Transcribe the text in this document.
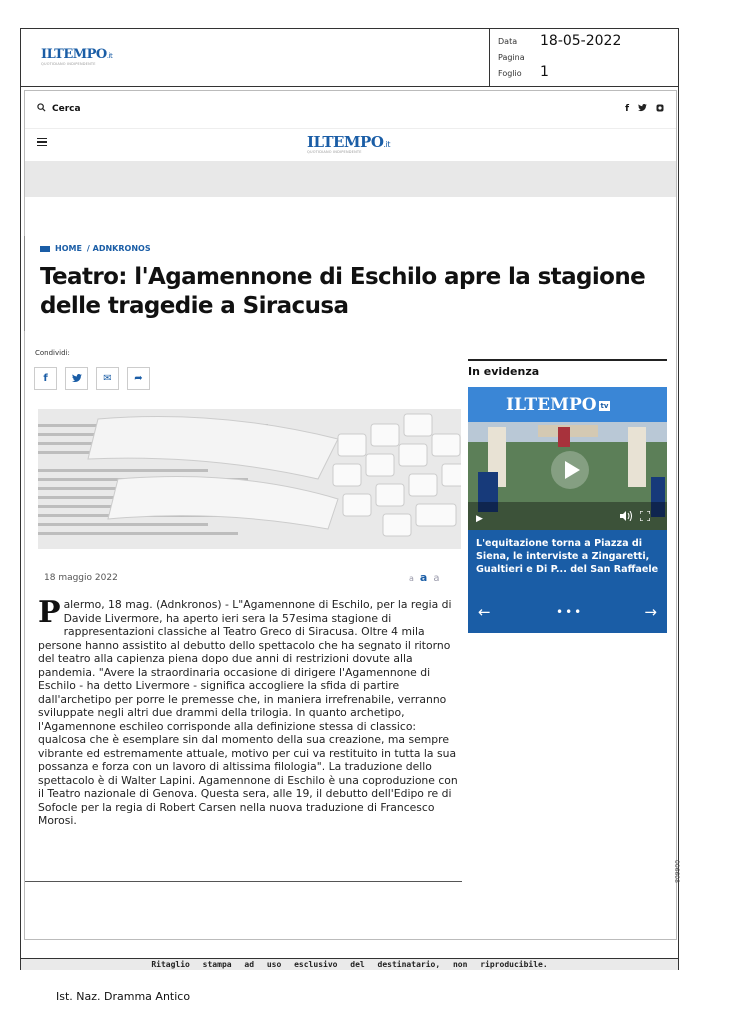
ILTEMPO.it
QUOTIDIANO INDIPENDENTE
Data 18-05-2022
Pagina
Foglio 1
Cerca	f
ILTEMPO.it
QUOTIDIANO INDIPENDENTE
HOME / ADNKRONOS
Teatro: l'Agamennone di Eschilo apre la stagione delle tragedie a Siracusa
Condividi:
f	✉	➦
18 maggio 2022	a a a
Palermo, 18 mag. (Adnkronos) - L"Agamennone di Eschilo, per la regia di Davide Livermore, ha aperto ieri sera la 57esima stagione di rappresentazioni classiche al Teatro Greco di Siracusa. Oltre 4 mila persone hanno assistito al debutto dello spettacolo che ha segnato il ritorno del teatro alla capienza piena dopo due anni di restrizioni dovute alla pandemia. "Avere la straordinaria occasione di dirigere l'Agamennone di Eschilo - ha detto Livermore - significa accogliere la sfida di partire dall'archetipo per porre le premesse che, in maniera irrefrenabile, verranno sviluppate negli altri due drammi della trilogia. In quanto archetipo, l'Agamennone eschileo corrisponde alla definizione stessa di classico: qualcosa che è esemplare sin dal momento della sua creazione, ma sempre vibrante ed estremamente attuale, motivo per cui va restituito in tutta la sua possanza e forza con un lavoro di altissima filologia". La traduzione dello spettacolo è di Walter Lapini. Agamennone di Eschilo è una coproduzione con il Teatro nazionale di Genova. Questa sera, alle 19, il debutto dell'Edipo re di Sofocle per la regia di Robert Carsen nella nuova traduzione di Francesco Morosi.
In evidenza
ILTEMPO tv
▶
L'equitazione torna a Piazza di
Siena, le interviste a Zingaretti,
Gualtieri e Di P... del San Raffaele
←	•••	→
Ritaglio stampa ad uso esclusivo del destinatario, non riproducibile.
006608
Ist. Naz. Dramma Antico
